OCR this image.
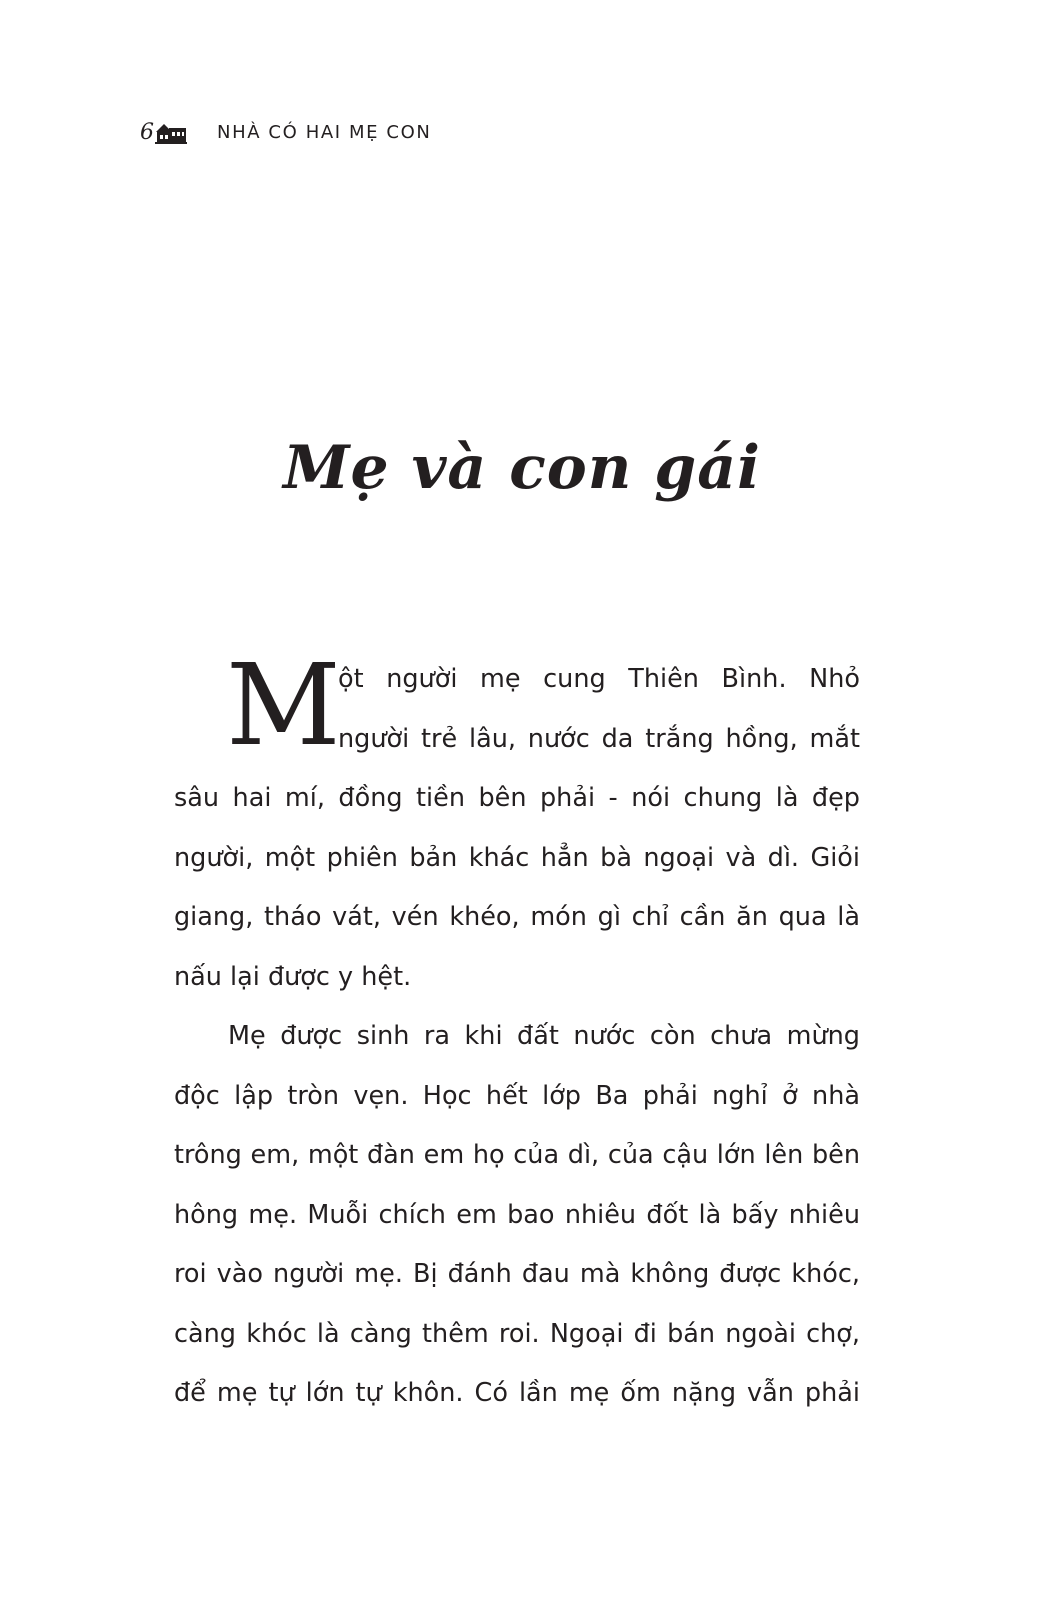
6	NHÀ CÓ HAI MẸ CON
Mẹ và con gái
M
ột người mẹ cung Thiên Bình. Nhỏ
người trẻ lâu, nước da trắng hồng, mắt
sâu hai mí, đồng tiền bên phải - nói chung là đẹp
người, một phiên bản khác hẳn bà ngoại và dì. Giỏi
giang, tháo vát, vén khéo, món gì chỉ cần ăn qua là
nấu lại được y hệt.
Mẹ được sinh ra khi đất nước còn chưa mừng
độc lập tròn vẹn. Học hết lớp Ba phải nghỉ ở nhà
trông em, một đàn em họ của dì, của cậu lớn lên bên
hông mẹ. Muỗi chích em bao nhiêu đốt là bấy nhiêu
roi vào người mẹ. Bị đánh đau mà không được khóc,
càng khóc là càng thêm roi. Ngoại đi bán ngoài chợ,
để mẹ tự lớn tự khôn. Có lần mẹ ốm nặng vẫn phải
